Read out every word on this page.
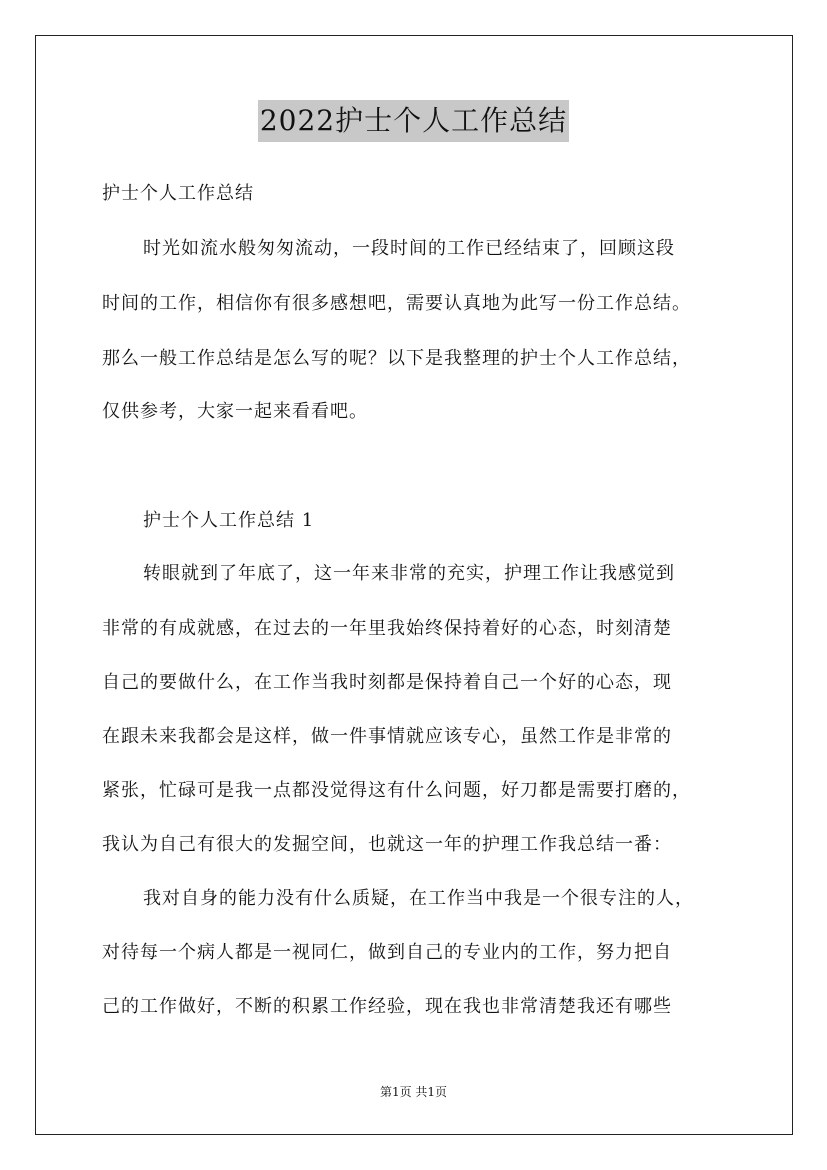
2022护士个人工作总结
护士个人工作总结
时光如流水般匆匆流动，一段时间的工作已经结束了，回顾这段
时间的工作，相信你有很多感想吧，需要认真地为此写一份工作总结。
那么一般工作总结是怎么写的呢？以下是我整理的护士个人工作总结，
仅供参考，大家一起来看看吧。
护士个人工作总结 1
转眼就到了年底了，这一年来非常的充实，护理工作让我感觉到
非常的有成就感，在过去的一年里我始终保持着好的心态，时刻清楚
自己的要做什么，在工作当我时刻都是保持着自己一个好的心态，现
在跟未来我都会是这样，做一件事情就应该专心，虽然工作是非常的
紧张，忙碌可是我一点都没觉得这有什么问题，好刀都是需要打磨的，
我认为自己有很大的发掘空间，也就这一年的护理工作我总结一番：
我对自身的能力没有什么质疑，在工作当中我是一个很专注的人，
对待每一个病人都是一视同仁，做到自己的专业内的工作，努力把自
己的工作做好，不断的积累工作经验，现在我也非常清楚我还有哪些
第1页 共1页
